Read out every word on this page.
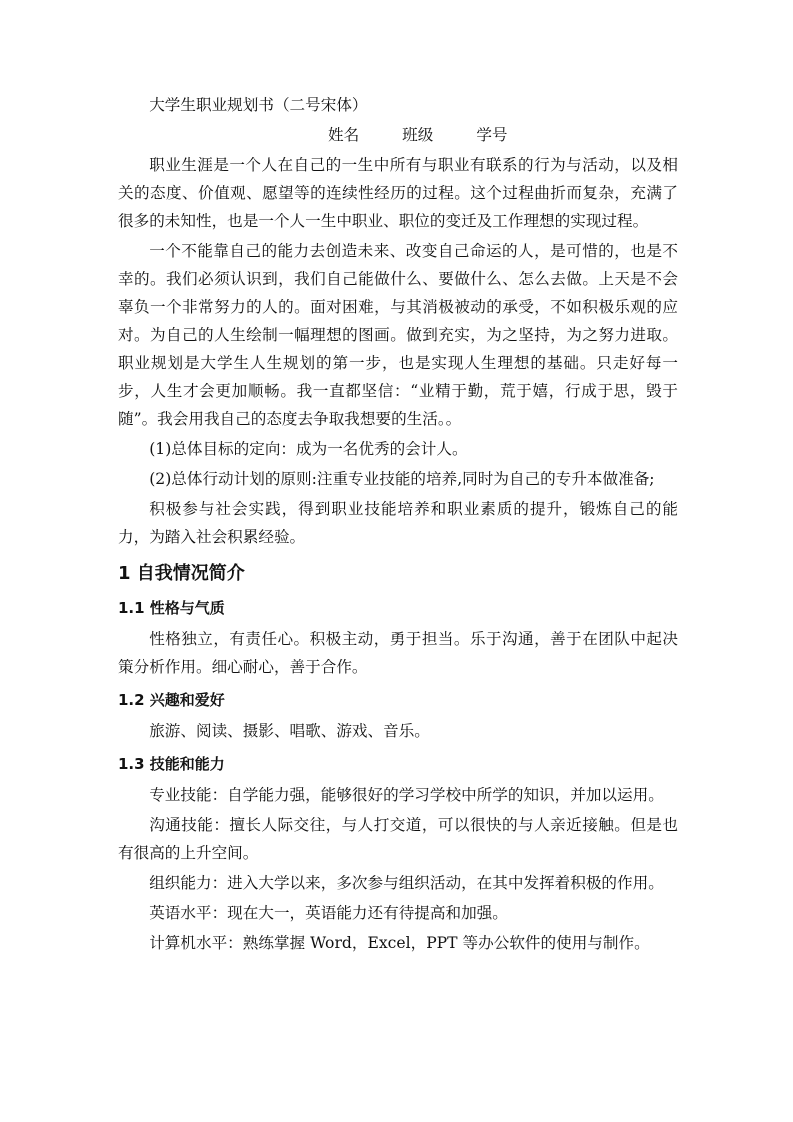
大学生职业规划书（二号宋体）

姓名	班级	学号

职业生涯是一个人在自己的一生中所有与职业有联系的行为与活动，以及相关的态度、价值观、愿望等的连续性经历的过程。这个过程曲折而复杂，充满了很多的未知性，也是一个人一生中职业、职位的变迁及工作理想的实现过程。

一个不能靠自己的能力去创造未来、改变自己命运的人，是可惜的，也是不幸的。我们必须认识到，我们自己能做什么、要做什么、怎么去做。上天是不会辜负一个非常努力的人的。面对困难，与其消极被动的承受，不如积极乐观的应对。为自己的人生绘制一幅理想的图画。做到充实，为之坚持，为之努力进取。职业规划是大学生人生规划的第一步，也是实现人生理想的基础。只走好每一步，人生才会更加顺畅。我一直都坚信：“业精于勤，荒于嬉，行成于思，毁于随”。我会用我自己的态度去争取我想要的生活。。

(1)总体目标的定向：成为一名优秀的会计人。

(2)总体行动计划的原则:注重专业技能的培养,同时为自己的专升本做准备;

积极参与社会实践，得到职业技能培养和职业素质的提升，锻炼自己的能力，为踏入社会积累经验。

1 自我情况简介
1.1 性格与气质

性格独立，有责任心。积极主动，勇于担当。乐于沟通，善于在团队中起决策分析作用。细心耐心，善于合作。

1.2 兴趣和爱好

旅游、阅读、摄影、唱歌、游戏、音乐。

1.3 技能和能力

专业技能：自学能力强，能够很好的学习学校中所学的知识，并加以运用。

沟通技能：擅长人际交往，与人打交道，可以很快的与人亲近接触。但是也有很高的上升空间。

组织能力：进入大学以来，多次参与组织活动，在其中发挥着积极的作用。

英语水平：现在大一，英语能力还有待提高和加强。

计算机水平：熟练掌握 Word，Excel，PPT 等办公软件的使用与制作。
